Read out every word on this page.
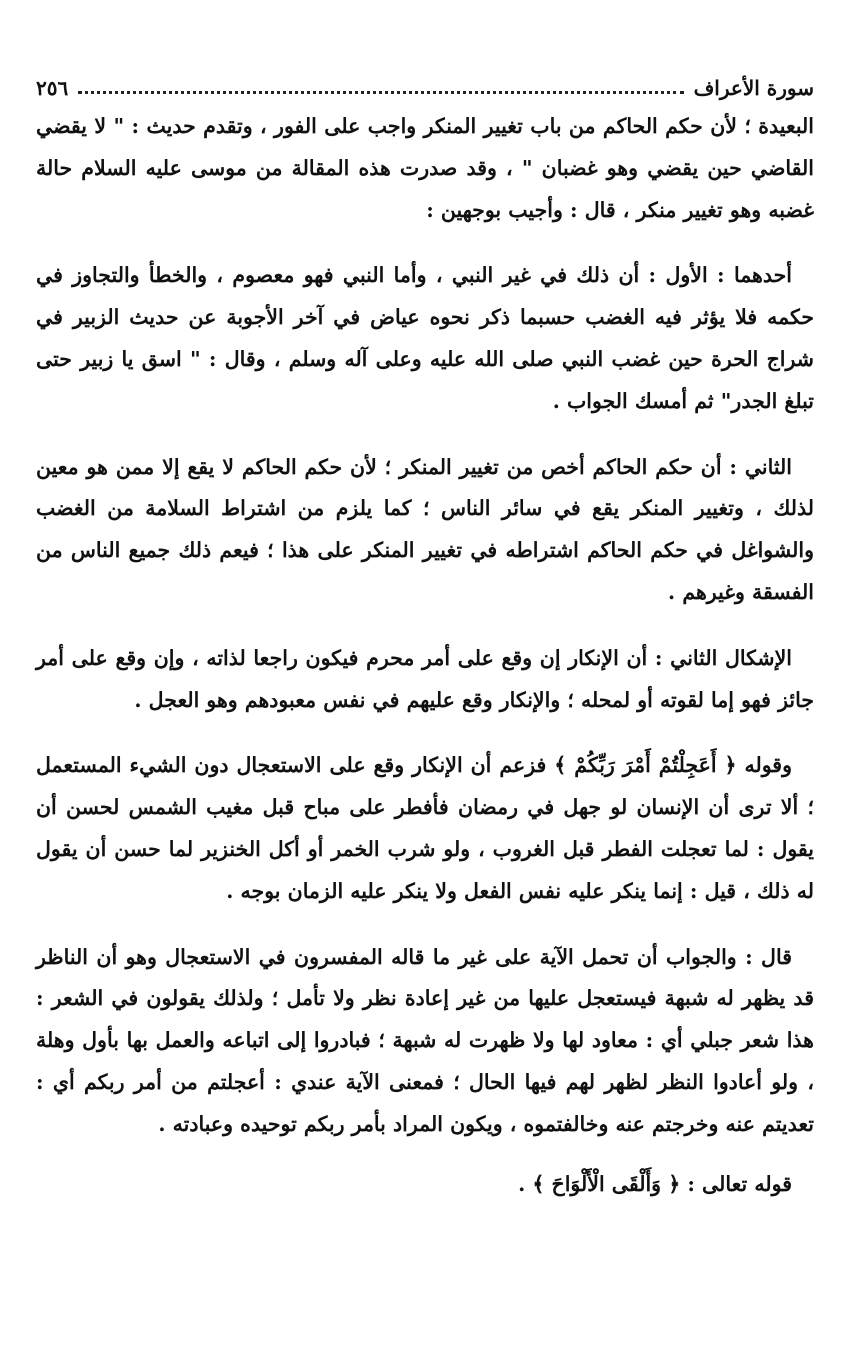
سورة الأعراف
٢٥٦

البعيدة ؛ لأن حكم الحاكم من باب تغيير المنكر واجب على الفور ، وتقدم حديث : " لا يقضي القاضي حين يقضي وهو غضبان " ، وقد صدرت هذه المقالة من موسى عليه السلام حالة غضبه وهو تغيير منكر ، قال : وأجيب بوجهين :

أحدهما : الأول : أن ذلك في غير النبي ، وأما النبي فهو معصوم ، والخطأ والتجاوز في حكمه فلا يؤثر فيه الغضب حسبما ذكر نحوه عياض في آخر الأجوبة عن حديث الزبير في شراج الحرة حين غضب النبي صلى الله عليه وعلى آله وسلم ، وقال : " اسق يا زبير حتى تبلغ الجدر" ثم أمسك الجواب .

الثاني : أن حكم الحاكم أخص من تغيير المنكر ؛ لأن حكم الحاكم لا يقع إلا ممن هو معين لذلك ، وتغيير المنكر يقع في سائر الناس ؛ كما يلزم من اشتراط السلامة من الغضب والشواغل في حكم الحاكم اشتراطه في تغيير المنكر على هذا ؛ فيعم ذلك جميع الناس من الفسقة وغيرهم .

الإشكال الثاني : أن الإنكار إن وقع على أمر محرم فيكون راجعا لذاته ، وإن وقع على أمر جائز فهو إما لقوته أو لمحله ؛ والإنكار وقع عليهم في نفس معبودهم وهو العجل .

وقوله ﴿ أَعَجِلْتُمْ أَمْرَ رَبِّكُمْ ﴾ فزعم أن الإنكار وقع على الاستعجال دون الشيء المستعمل ؛ ألا ترى أن الإنسان لو جهل في رمضان فأفطر على مباح قبل مغيب الشمس لحسن أن يقول : لما تعجلت الفطر قبل الغروب ، ولو شرب الخمر أو أكل الخنزير لما حسن أن يقول له ذلك ، قيل : إنما ينكر عليه نفس الفعل ولا ينكر عليه الزمان بوجه .

قال : والجواب أن تحمل الآية على غير ما قاله المفسرون في الاستعجال وهو أن الناظر قد يظهر له شبهة فيستعجل عليها من غير إعادة نظر ولا تأمل ؛ ولذلك يقولون في الشعر : هذا شعر جبلي أي : معاود لها ولا ظهرت له شبهة ؛ فبادروا إلى اتباعه والعمل بها بأول وهلة ، ولو أعادوا النظر لظهر لهم فيها الحال ؛ فمعنى الآية عندي : أعجلتم من أمر ربكم أي : تعديتم عنه وخرجتم عنه وخالفتموه ، ويكون المراد بأمر ربكم توحيده وعبادته .

قوله تعالى : ﴿ وَأَلْقَى الْأَلْوَاحَ ﴾ .
